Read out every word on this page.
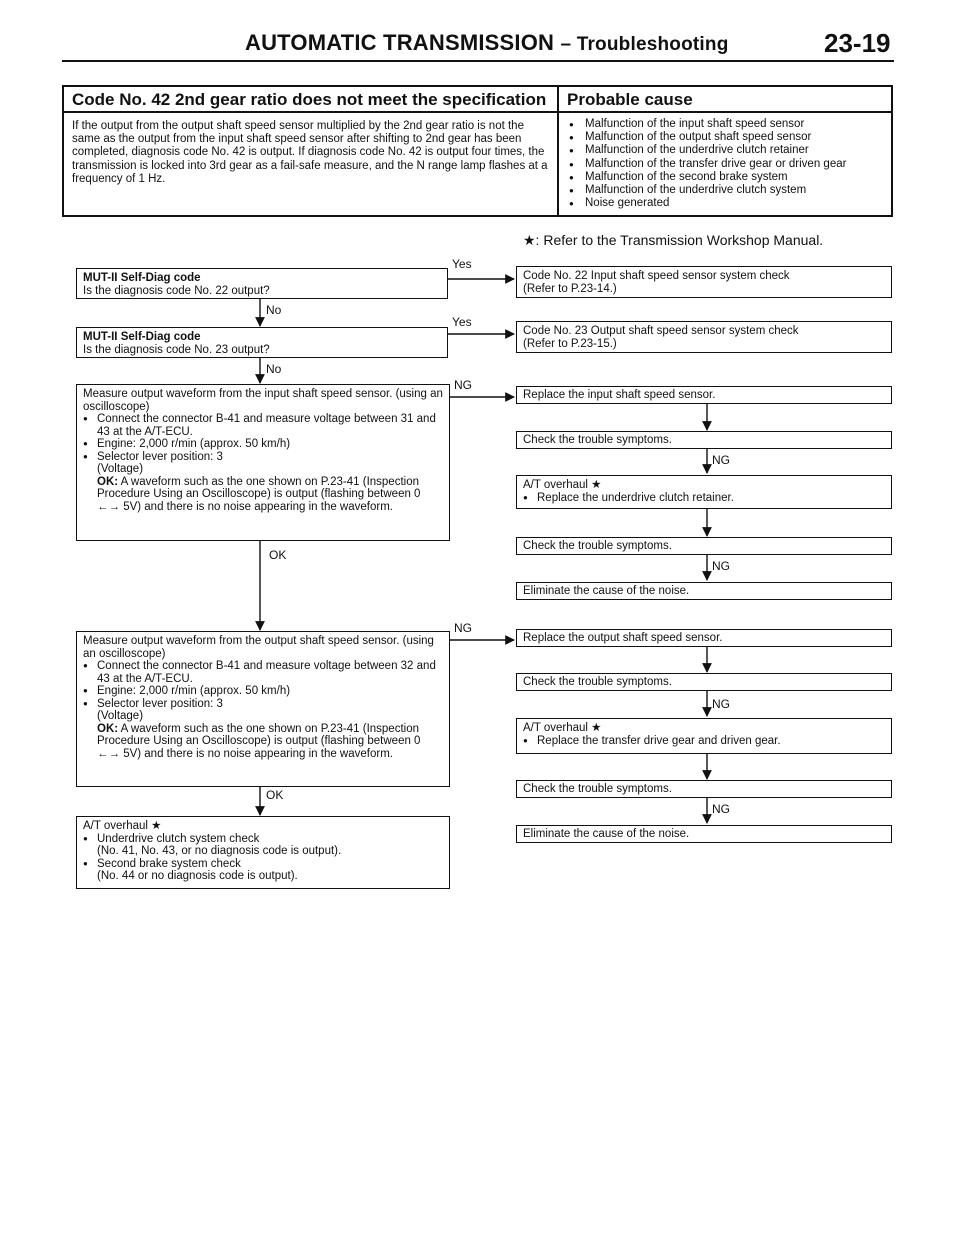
AUTOMATIC TRANSMISSION – Troubleshooting	23-19
Code No. 42 2nd gear ratio does not meet the specification
If the output from the output shaft speed sensor multiplied by the 2nd gear ratio is not the same as the output from the input shaft speed sensor after shifting to 2nd gear has been completed, diagnosis code No. 42 is output. If diagnosis code No. 42 is output four times, the transmission is locked into 3rd gear as a fail-safe measure, and the N range lamp flashes at a frequency of 1 Hz.
Probable cause
● Malfunction of the input shaft speed sensor
● Malfunction of the output shaft speed sensor
● Malfunction of the underdrive clutch retainer
● Malfunction of the transfer drive gear or driven gear
● Malfunction of the second brake system
● Malfunction of the underdrive clutch system
● Noise generated
★: Refer to the Transmission Workshop Manual.
Yes
No
Yes
No
NG
OK
NG
OK
NG
NG
NG
NG
MUT-II Self-Diag code
Is the diagnosis code No. 22 output?
MUT-II Self-Diag code
Is the diagnosis code No. 23 output?
Measure output waveform from the input shaft speed sensor. (using an oscilloscope)
● Connect the connector B-41 and measure voltage between 31 and 43 at the A/T-ECU.
● Engine: 2,000 r/min (approx. 50 km/h)
● Selector lever position: 3
(Voltage)
OK: A waveform such as the one shown on P.23-41 (Inspection Procedure Using an Oscilloscope) is output (flashing between 0 ←→ 5V) and there is no noise appearing in the waveform.
Measure output waveform from the output shaft speed sensor. (using an oscilloscope)
● Connect the connector B-41 and measure voltage between 32 and 43 at the A/T-ECU.
● Engine: 2,000 r/min (approx. 50 km/h)
● Selector lever position: 3
(Voltage)
OK: A waveform such as the one shown on P.23-41 (Inspection Procedure Using an Oscilloscope) is output (flashing between 0 ←→ 5V) and there is no noise appearing in the waveform.
A/T overhaul ★
● Underdrive clutch system check
(No. 41, No. 43, or no diagnosis code is output).
● Second brake system check
(No. 44 or no diagnosis code is output).
Code No. 22 Input shaft speed sensor system check
(Refer to P.23-14.)
Code No. 23 Output shaft speed sensor system check
(Refer to P.23-15.)
Replace the input shaft speed sensor.
Check the trouble symptoms.
A/T overhaul ★
● Replace the underdrive clutch retainer.
Check the trouble symptoms.
Eliminate the cause of the noise.
Replace the output shaft speed sensor.
Check the trouble symptoms.
A/T overhaul ★
● Replace the transfer drive gear and driven gear.
Check the trouble symptoms.
Eliminate the cause of the noise.
